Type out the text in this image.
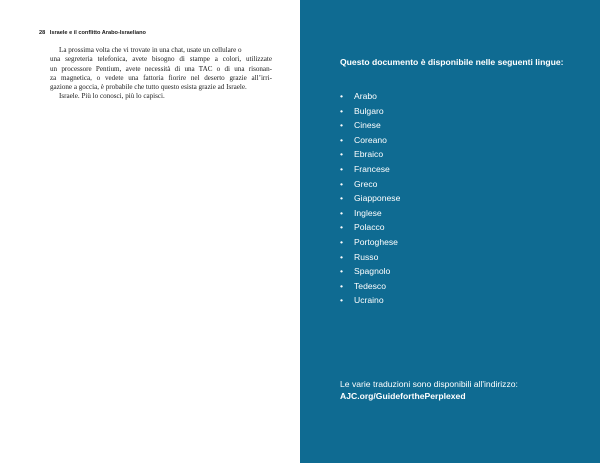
28 Israele e il conflitto Arabo-Israeliano
La prossima volta che vi trovate in una chat, usate un cellulare o
una segreteria telefonica, avete bisogno di stampe a colori, utilizzate
un processore Pentium, avete necessità di una TAC o di una risonan-
za magnetica, o vedete una fattoria fiorire nel deserto grazie all’irri-
gazione a goccia, è probabile che tutto questo esista grazie ad Israele.
Israele. Più lo conosci, più lo capisci.
Questo documento è disponibile nelle seguenti lingue:
• Arabo
• Bulgaro
• Cinese
• Coreano
• Ebraico
• Francese
• Greco
• Giapponese
• Inglese
• Polacco
• Portoghese
• Russo
• Spagnolo
• Tedesco
• Ucraino
Le varie traduzioni sono disponibili all'indirizzo:
AJC.org/GuideforthePerplexed
